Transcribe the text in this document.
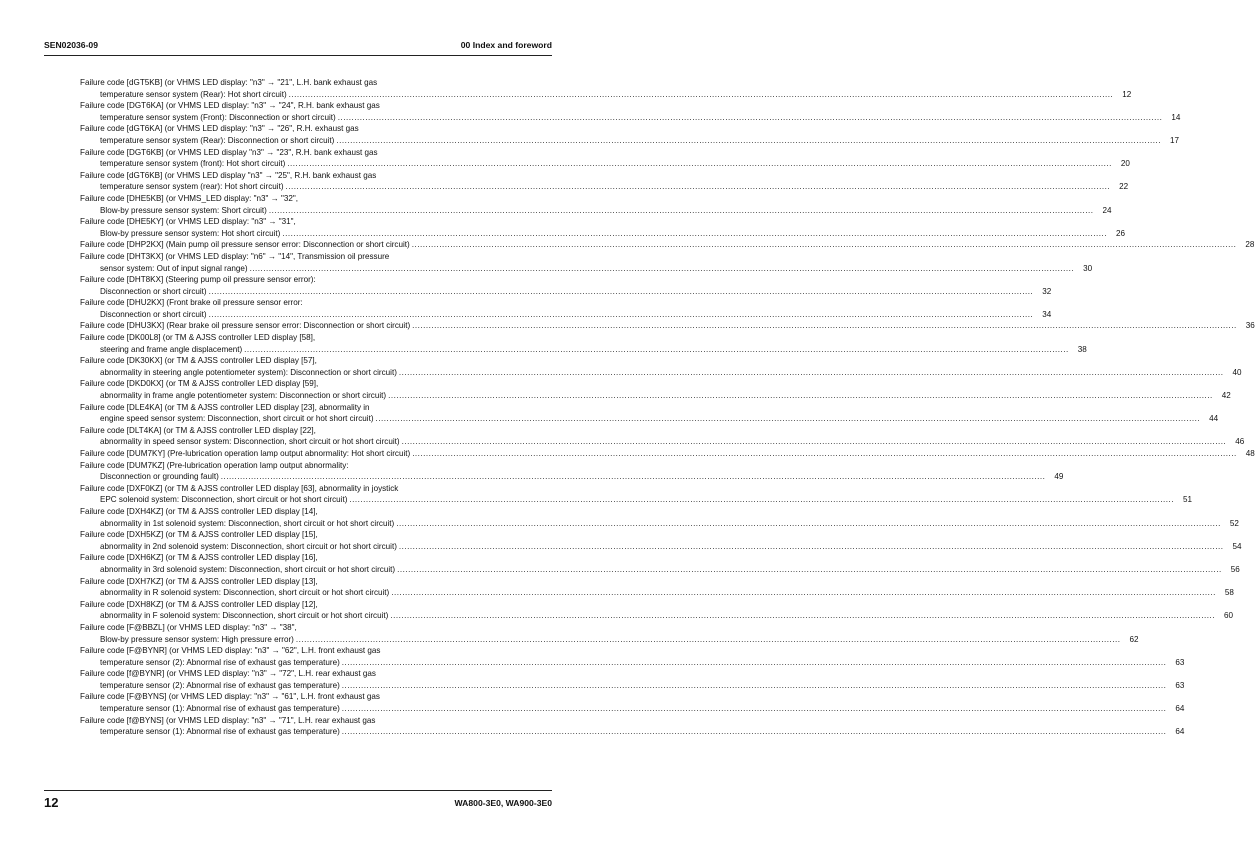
SEN02036-09	00 Index and foreword
Failure code [dGT5KB] (or VHMS LED display: "n3" → "21", L.H. bank exhaust gas
temperature sensor system (Rear): Hot short circuit) ............................................................................................................................................................................................................................................................................................................	12
Failure code [DGT6KA] (or VHMS LED display: "n3" → "24", R.H. bank exhaust gas
temperature sensor system (Front): Disconnection or short circuit) ............................................................................................................................................................................................................................................................................................................	14
Failure code [dGT6KA] (or VHMS LED display: "n3" → "26", R.H. exhaust gas
temperature sensor system (Rear): Disconnection or short circuit) ............................................................................................................................................................................................................................................................................................................	17
Failure code [DGT6KB] (or VHMS LED display "n3" → "23", R.H. bank exhaust gas
temperature sensor system (front): Hot short circuit) ............................................................................................................................................................................................................................................................................................................	20
Failure code [dGT6KB] (or VHMS LED display "n3" → "25", R.H. bank exhaust gas
temperature sensor system (rear): Hot short circuit) ............................................................................................................................................................................................................................................................................................................	22
Failure code [DHE5KB] (or VHMS_LED display: "n3" → "32",
Blow-by pressure sensor system: Short circuit) ............................................................................................................................................................................................................................................................................................................	24
Failure code [DHE5KY] (or VHMS LED display: "n3" → "31",
Blow-by pressure sensor system: Hot short circuit) ............................................................................................................................................................................................................................................................................................................	26
Failure code [DHP2KX] (Main pump oil pressure sensor error: Disconnection or short circuit) ............................................................................................................................................................................................................................................................................................................	28
Failure code [DHT3KX] (or VHMS LED display: "n6" → "14", Transmission oil pressure
sensor system: Out of input signal range) ............................................................................................................................................................................................................................................................................................................	30
Failure code [DHT8KX] (Steering pump oil pressure sensor error):
Disconnection or short circuit) ............................................................................................................................................................................................................................................................................................................	32
Failure code [DHU2KX] (Front brake oil pressure sensor error:
Disconnection or short circuit) ............................................................................................................................................................................................................................................................................................................	34
Failure code [DHU3KX] (Rear brake oil pressure sensor error: Disconnection or short circuit) ............................................................................................................................................................................................................................................................................................................	36
Failure code [DK00L8] (or TM & AJSS controller LED display [58],
steering and frame angle displacement) ............................................................................................................................................................................................................................................................................................................	38
Failure code [DK30KX] (or TM & AJSS controller LED display [57],
abnormality in steering angle potentiometer system): Disconnection or short circuit) ............................................................................................................................................................................................................................................................................................................	40
Failure code [DKD0KX] (or TM & AJSS controller LED display [59],
abnormality in frame angle potentiometer system: Disconnection or short circuit) ............................................................................................................................................................................................................................................................................................................	42
Failure code [DLE4KA] (or TM & AJSS controller LED display [23], abnormality in
engine speed sensor system: Disconnection, short circuit or hot short circuit) ............................................................................................................................................................................................................................................................................................................	44
Failure code [DLT4KA] (or TM & AJSS controller LED display [22],
abnormality in speed sensor system: Disconnection, short circuit or hot short circuit) ............................................................................................................................................................................................................................................................................................................	46
Failure code [DUM7KY] (Pre-lubrication operation lamp output abnormality: Hot short circuit) ............................................................................................................................................................................................................................................................................................................	48
Failure code [DUM7KZ] (Pre-lubrication operation lamp output abnormality:
Disconnection or grounding fault) ............................................................................................................................................................................................................................................................................................................	49
Failure code [DXF0KZ] (or TM & AJSS controller LED display [63], abnormality in joystick
EPC solenoid system: Disconnection, short circuit or hot short circuit) ............................................................................................................................................................................................................................................................................................................	51
Failure code [DXH4KZ] (or TM & AJSS controller LED display [14],
abnormality in 1st solenoid system: Disconnection, short circuit or hot short circuit) ............................................................................................................................................................................................................................................................................................................	52
Failure code [DXH5KZ] (or TM & AJSS controller LED display [15],
abnormality in 2nd solenoid system: Disconnection, short circuit or hot short circuit) ............................................................................................................................................................................................................................................................................................................	54
Failure code [DXH6KZ] (or TM & AJSS controller LED display [16],
abnormality in 3rd solenoid system: Disconnection, short circuit or hot short circuit) ............................................................................................................................................................................................................................................................................................................	56
Failure code [DXH7KZ] (or TM & AJSS controller LED display [13],
abnormality in R solenoid system: Disconnection, short circuit or hot short circuit) ............................................................................................................................................................................................................................................................................................................	58
Failure code [DXH8KZ] (or TM & AJSS controller LED display [12],
abnormality in F solenoid system: Disconnection, short circuit or hot short circuit) ............................................................................................................................................................................................................................................................................................................	60
Failure code [F@BBZL] (or VHMS LED display: "n3" → "38",
Blow-by pressure sensor system: High pressure error) ............................................................................................................................................................................................................................................................................................................	62
Failure code [F@BYNR] (or VHMS LED display: "n3" → "62", L.H. front exhaust gas
temperature sensor (2): Abnormal rise of exhaust gas temperature) ............................................................................................................................................................................................................................................................................................................	63
Failure code [f@BYNR] (or VHMS LED display: "n3" → "72", L.H. rear exhaust gas
temperature sensor (2): Abnormal rise of exhaust gas temperature) ............................................................................................................................................................................................................................................................................................................	63
Failure code [F@BYNS] (or VHMS LED display: "n3" → "61", L.H. front exhaust gas
temperature sensor (1): Abnormal rise of exhaust gas temperature) ............................................................................................................................................................................................................................................................................................................	64
Failure code [f@BYNS] (or VHMS LED display: "n3" → "71", L.H. rear exhaust gas
temperature sensor (1): Abnormal rise of exhaust gas temperature) ............................................................................................................................................................................................................................................................................................................	64
12	WA800-3E0, WA900-3E0
